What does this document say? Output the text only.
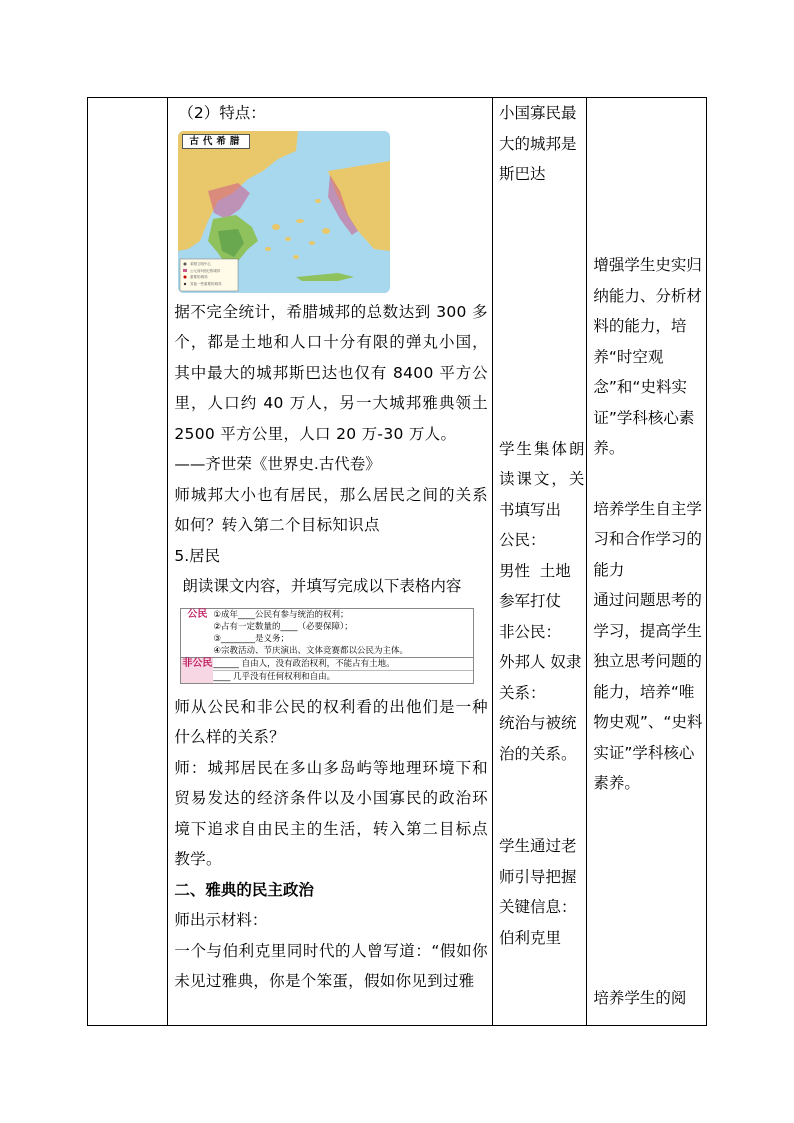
（2）特点：

希腊文明中心
公元前5世纪的城邦
重要的城邦
其他一些重要的城邦
古代希腊

据不完全统计，希腊城邦的总数达到 300 多个，都是土地和人口十分有限的弹丸小国，其中最大的城邦斯巴达也仅有 8400 平方公里，人口约 40 万人，另一大城邦雅典领土2500 平方公里，人口 20 万-30 万人。

——齐世荣《世界史.古代卷》

师城邦大小也有居民，那么居民之间的关系如何？转入第二个目标知识点

5.居民

朗读课文内容，并填写完成以下表格内容

公民	①成年____公民有参与统治的权利；
②占有一定数量的____（必要保障）；
③________是义务；
④宗教活动、节庆演出、文体竞赛都以公民为主体。

非公民	______ 自由人，没有政治权利，不能占有土地。
____ 几乎没有任何权利和自由。

师从公民和非公民的权利看的出他们是一种什么样的关系？

师：城邦居民在多山多岛屿等地理环境下和贸易发达的经济条件以及小国寡民的政治环境下追求自由民主的生活，转入第二目标点教学。

二、雅典的民主政治

师出示材料：

一个与伯利克里同时代的人曾写道：“假如你未见过雅典，你是个笨蛋，假如你见到过雅

小国寡民最大的城邦是斯巴达

学生集体朗读课文，关书填写出

公民：

男性  土地

参军打仗

非公民：

外邦人 奴隶

关系：

统治与被统治的关系。

学生通过老师引导把握关键信息：伯利克里

增强学生史实归纳能力、分析材料的能力，培养“时空观念”和“史料实证”学科核心素养。

培养学生自主学习和合作学习的能力

通过问题思考的学习，提高学生独立思考问题的能力，培养“唯物史观”、“史料实证”学科核心素养。

培养学生的阅
